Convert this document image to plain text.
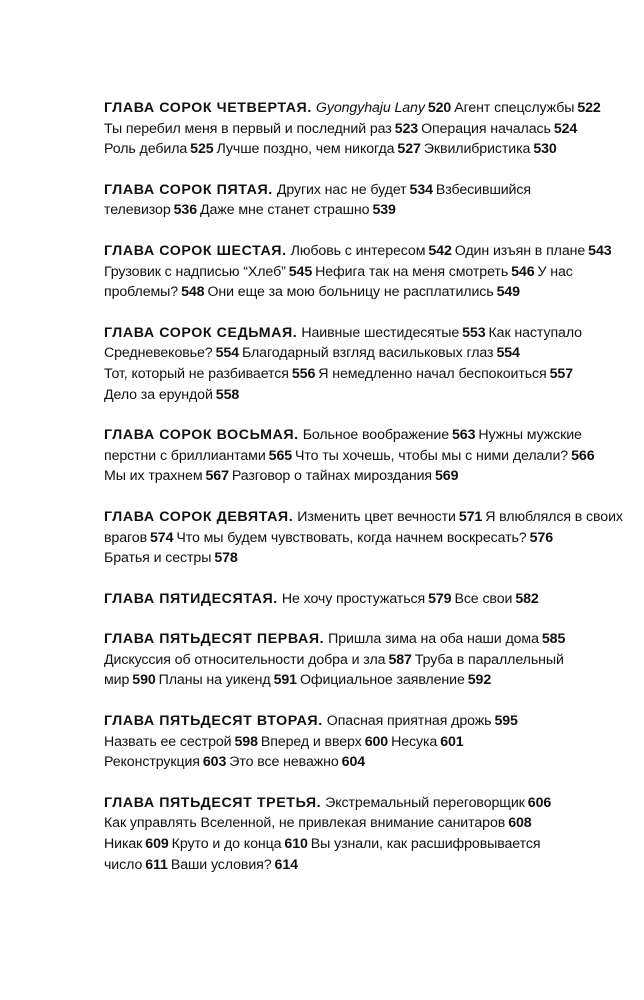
ГЛАВА СОРОК ЧЕТВЕРТАЯ. Gyongyhaju Lany 520 Агент спецслужбы 522
Ты перебил меня в первый и последний раз 523 Операция началась 524
Роль дебила 525 Лучше поздно, чем никогда 527 Эквилибристика 530
ГЛАВА СОРОК ПЯТАЯ. Других нас не будет 534 Взбесившийся
телевизор 536 Даже мне станет страшно 539
ГЛАВА СОРОК ШЕСТАЯ. Любовь с интересом 542 Один изъян в плане 543
Грузовик с надписью “Хлеб” 545 Нефига так на меня смотреть 546 У нас
проблемы? 548 Они еще за мою больницу не расплатились 549
ГЛАВА СОРОК СЕДЬМАЯ. Наивные шестидесятые 553 Как наступало
Средневековье? 554 Благодарный взгляд васильковых глаз 554
Тот, который не разбивается 556 Я немедленно начал беспокоиться 557
Дело за ерундой 558
ГЛАВА СОРОК ВОСЬМАЯ. Больное воображение 563 Нужны мужские
перстни с бриллиантами 565 Что ты хочешь, чтобы мы с ними делали? 566
Мы их трахнем 567 Разговор о тайнах мироздания 569
ГЛАВА СОРОК ДЕВЯТАЯ. Изменить цвет вечности 571 Я влюблялся в своих
врагов 574 Что мы будем чувствовать, когда начнем воскресать? 576
Братья и сестры 578
ГЛАВА ПЯТИДЕСЯТАЯ. Не хочу простужаться 579 Все свои 582
ГЛАВА ПЯТЬДЕСЯТ ПЕРВАЯ. Пришла зима на оба наши дома 585
Дискуссия об относительности добра и зла 587 Труба в параллельный
мир 590 Планы на уикенд 591 Официальное заявление 592
ГЛАВА ПЯТЬДЕСЯТ ВТОРАЯ. Опасная приятная дрожь 595
Назвать ее сестрой 598 Вперед и вверх 600 Несука 601
Реконструкция 603 Это все неважно 604
ГЛАВА ПЯТЬДЕСЯТ ТРЕТЬЯ. Экстремальный переговорщик 606
Как управлять Вселенной, не привлекая внимание санитаров 608
Никак 609 Круто и до конца 610 Вы узнали, как расшифровывается
число 611 Ваши условия? 614
